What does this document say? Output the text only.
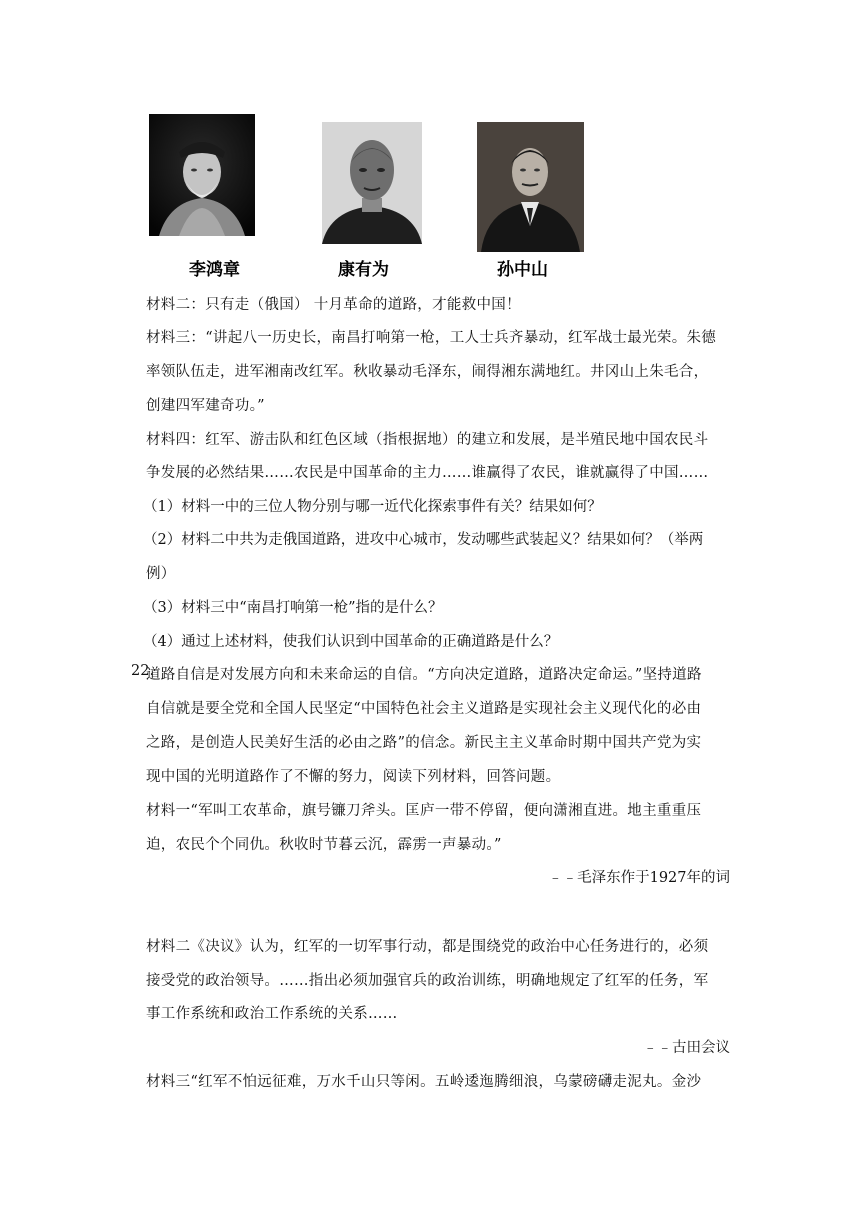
李鸿章	康有为	孙中山
材料二：只有走（俄国） 十月革命的道路，才能救中国！
材料三：“讲起八一历史长，南昌打响第一枪，工人士兵齐暴动，红军战士最光荣。朱德
率领队伍走，进军湘南改红军。秋收暴动毛泽东，闹得湘东满地红。井冈山上朱毛合，
创建四军建奇功。”
材料四：红军、游击队和红色区域（指根据地）的建立和发展，是半殖民地中国农民斗
争发展的必然结果……农民是中国革命的主力……谁赢得了农民，谁就赢得了中国……
（1）材料一中的三位人物分别与哪一近代化探索事件有关？结果如何？
（2）材料二中共为走俄国道路，进攻中心城市，发动哪些武装起义？结果如何？（举两
例）
（3）材料三中“南昌打响第一枪”指的是什么？
（4）通过上述材料，使我们认识到中国革命的正确道路是什么？
22.
道路自信是对发展方向和未来命运的自信。“方向决定道路，道路决定命运。”坚持道路
自信就是要全党和全国人民坚定“中国特色社会主义道路是实现社会主义现代化的必由
之路，是创造人民美好生活的必由之路”的信念。新民主主义革命时期中国共产党为实
现中国的光明道路作了不懈的努力，阅读下列材料，回答问题。
材料一“军叫工农革命，旗号镰刀斧头。匡庐一带不停留，便向潇湘直进。地主重重压
迫，农民个个同仇。秋收时节暮云沉，霹雳一声暴动。”
﹣﹣毛泽东作于1927年的词
材料二《决议》认为，红军的一切军事行动，都是围绕党的政治中心任务进行的，必须
接受党的政治领导。……指出必须加强官兵的政治训练，明确地规定了红军的任务，军
事工作系统和政治工作系统的关系……
﹣﹣古田会议
材料三“红军不怕远征难，万水千山只等闲。五岭逶迤腾细浪，乌蒙磅礴走泥丸。金沙
